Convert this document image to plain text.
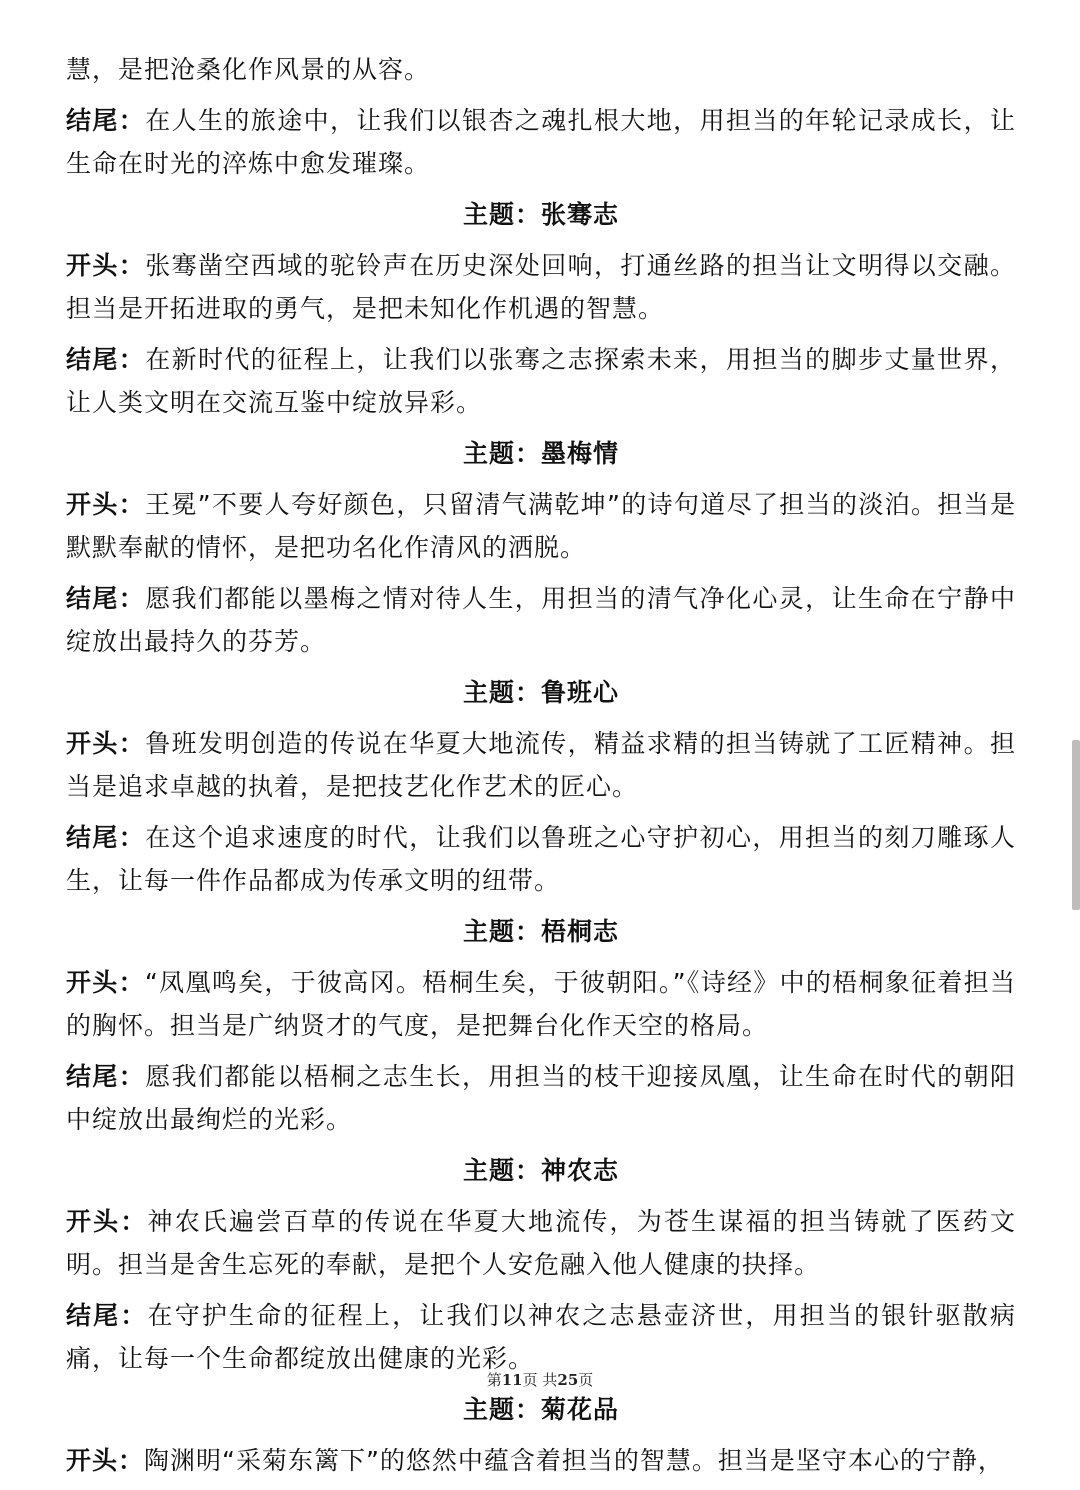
慧，是把沧桑化作风景的从容。

结尾：在人生的旅途中，让我们以银杏之魂扎根大地，用担当的年轮记录成长，让生命在时光的淬炼中愈发璀璨。

主题：张骞志

开头：张骞凿空西域的驼铃声在历史深处回响，打通丝路的担当让文明得以交融。担当是开拓进取的勇气，是把未知化作机遇的智慧。

结尾：在新时代的征程上，让我们以张骞之志探索未来，用担当的脚步丈量世界，让人类文明在交流互鉴中绽放异彩。

主题：墨梅情

开头：王冕”不要人夸好颜色，只留清气满乾坤”的诗句道尽了担当的淡泊。担当是默默奉献的情怀，是把功名化作清风的洒脱。

结尾：愿我们都能以墨梅之情对待人生，用担当的清气净化心灵，让生命在宁静中绽放出最持久的芬芳。

主题：鲁班心

开头：鲁班发明创造的传说在华夏大地流传，精益求精的担当铸就了工匠精神。担当是追求卓越的执着，是把技艺化作艺术的匠心。

结尾：在这个追求速度的时代，让我们以鲁班之心守护初心，用担当的刻刀雕琢人生，让每一件作品都成为传承文明的纽带。

主题：梧桐志

开头：“凤凰鸣矣，于彼高冈。梧桐生矣，于彼朝阳。”《诗经》中的梧桐象征着担当的胸怀。担当是广纳贤才的气度，是把舞台化作天空的格局。

结尾：愿我们都能以梧桐之志生长，用担当的枝干迎接凤凰，让生命在时代的朝阳中绽放出最绚烂的光彩。

主题：神农志

开头：神农氏遍尝百草的传说在华夏大地流传，为苍生谋福的担当铸就了医药文明。担当是舍生忘死的奉献，是把个人安危融入他人健康的抉择。

结尾：在守护生命的征程上，让我们以神农之志悬壶济世，用担当的银针驱散病痛，让每一个生命都绽放出健康的光彩。

主题：菊花品

开头：陶渊明“采菊东篱下”的悠然中蕴含着担当的智慧。担当是坚守本心的宁静，

第11页 共25页
